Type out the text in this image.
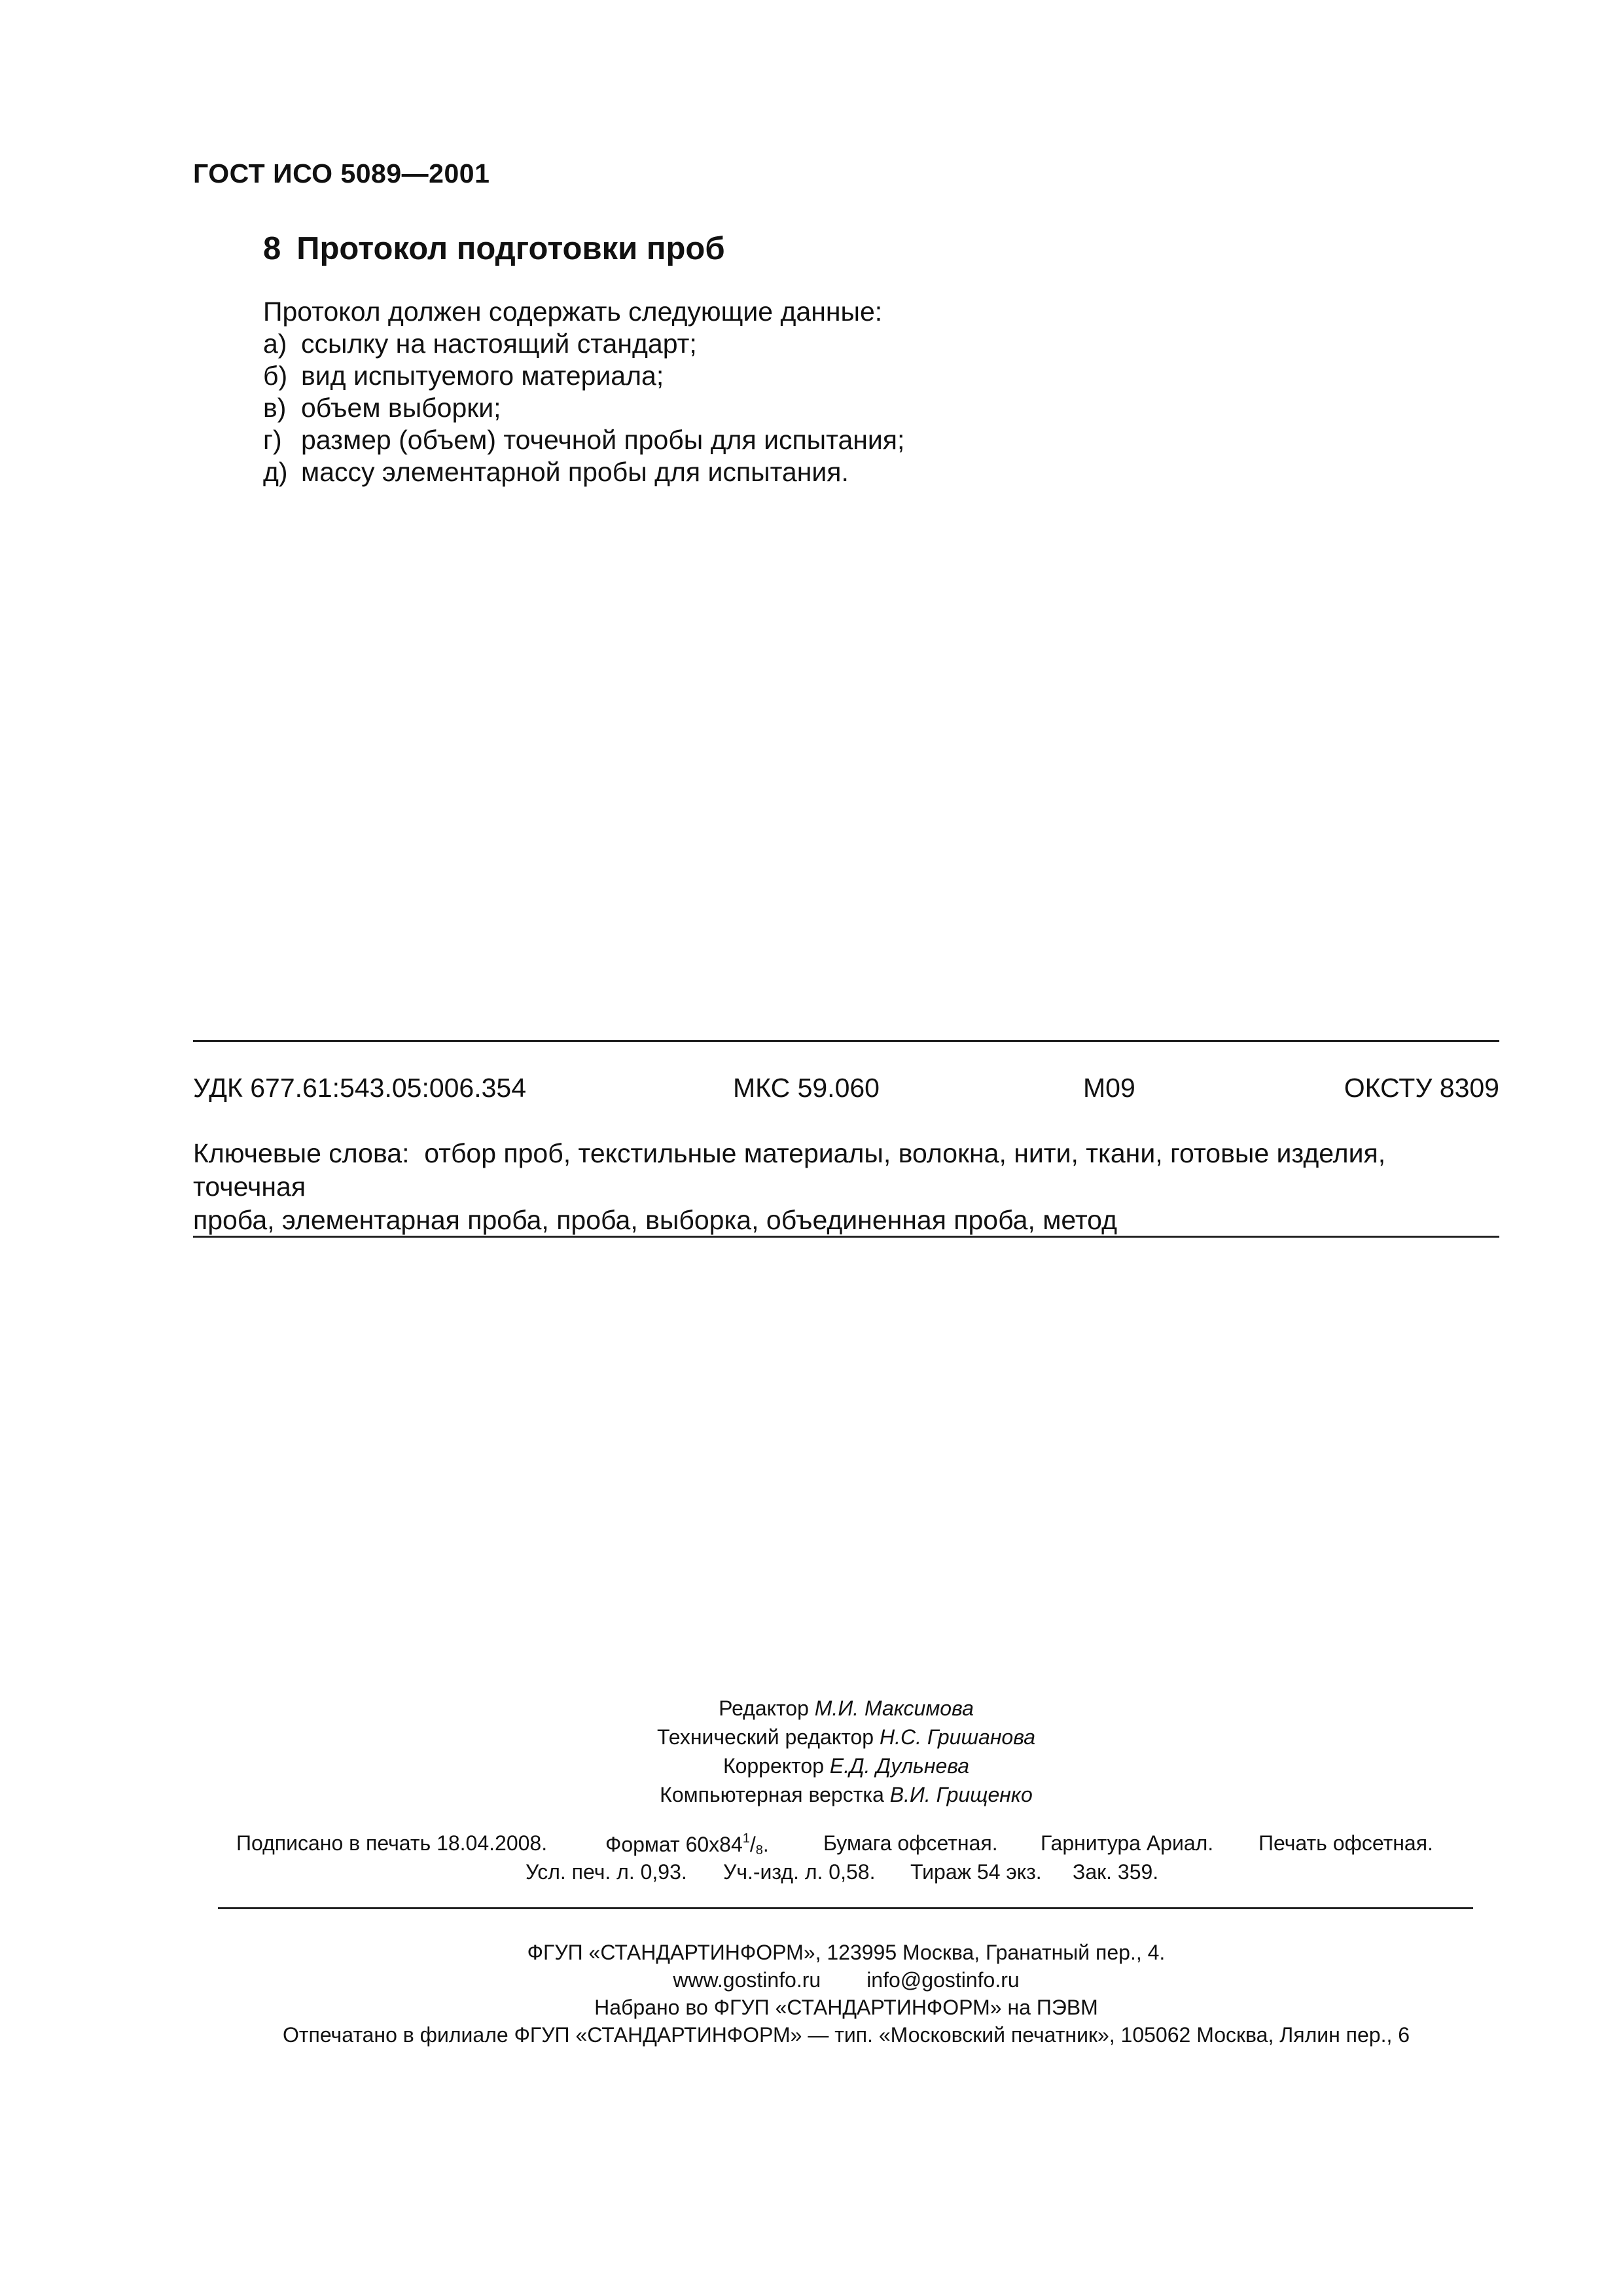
ГОСТ ИСО 5089—2001
8 Протокол подготовки проб
Протокол должен содержать следующие данные:
а) ссылку на настоящий стандарт;
б) вид испытуемого материала;
в) объем выборки;
г) размер (объем) точечной пробы для испытания;
д) массу элементарной пробы для испытания.
УДК 677.61:543.05:006.354	МКС 59.060	М09	ОКСТУ 8309
Ключевые слова: отбор проб, текстильные материалы, волокна, нити, ткани, готовые изделия, точечная
проба, элементарная проба, проба, выборка, объединенная проба, метод
Редактор М.И. Максимова
Технический редактор Н.С. Гришанова
Корректор Е.Д. Дульнева
Компьютерная верстка В.И. Грищенко
Подписано в печать 18.04.2008.	Формат $60х84^1/_8$.	Бумага офсетная. Гарнитура Ариал. Печать офсетная.
Усл. печ. л. 0,93. Уч.-изд. л. 0,58. Тираж 54 экз. Зак. 359.
ФГУП «СТАНДАРТИНФОРМ», 123995 Москва, Гранатный пер., 4.
www.gostinfo.ru info@gostinfo.ru
Набрано во ФГУП «СТАНДАРТИНФОРМ» на ПЭВМ
Отпечатано в филиале ФГУП «СТАНДАРТИНФОРМ» — тип. «Московский печатник», 105062 Москва, Лялин пер., 6
